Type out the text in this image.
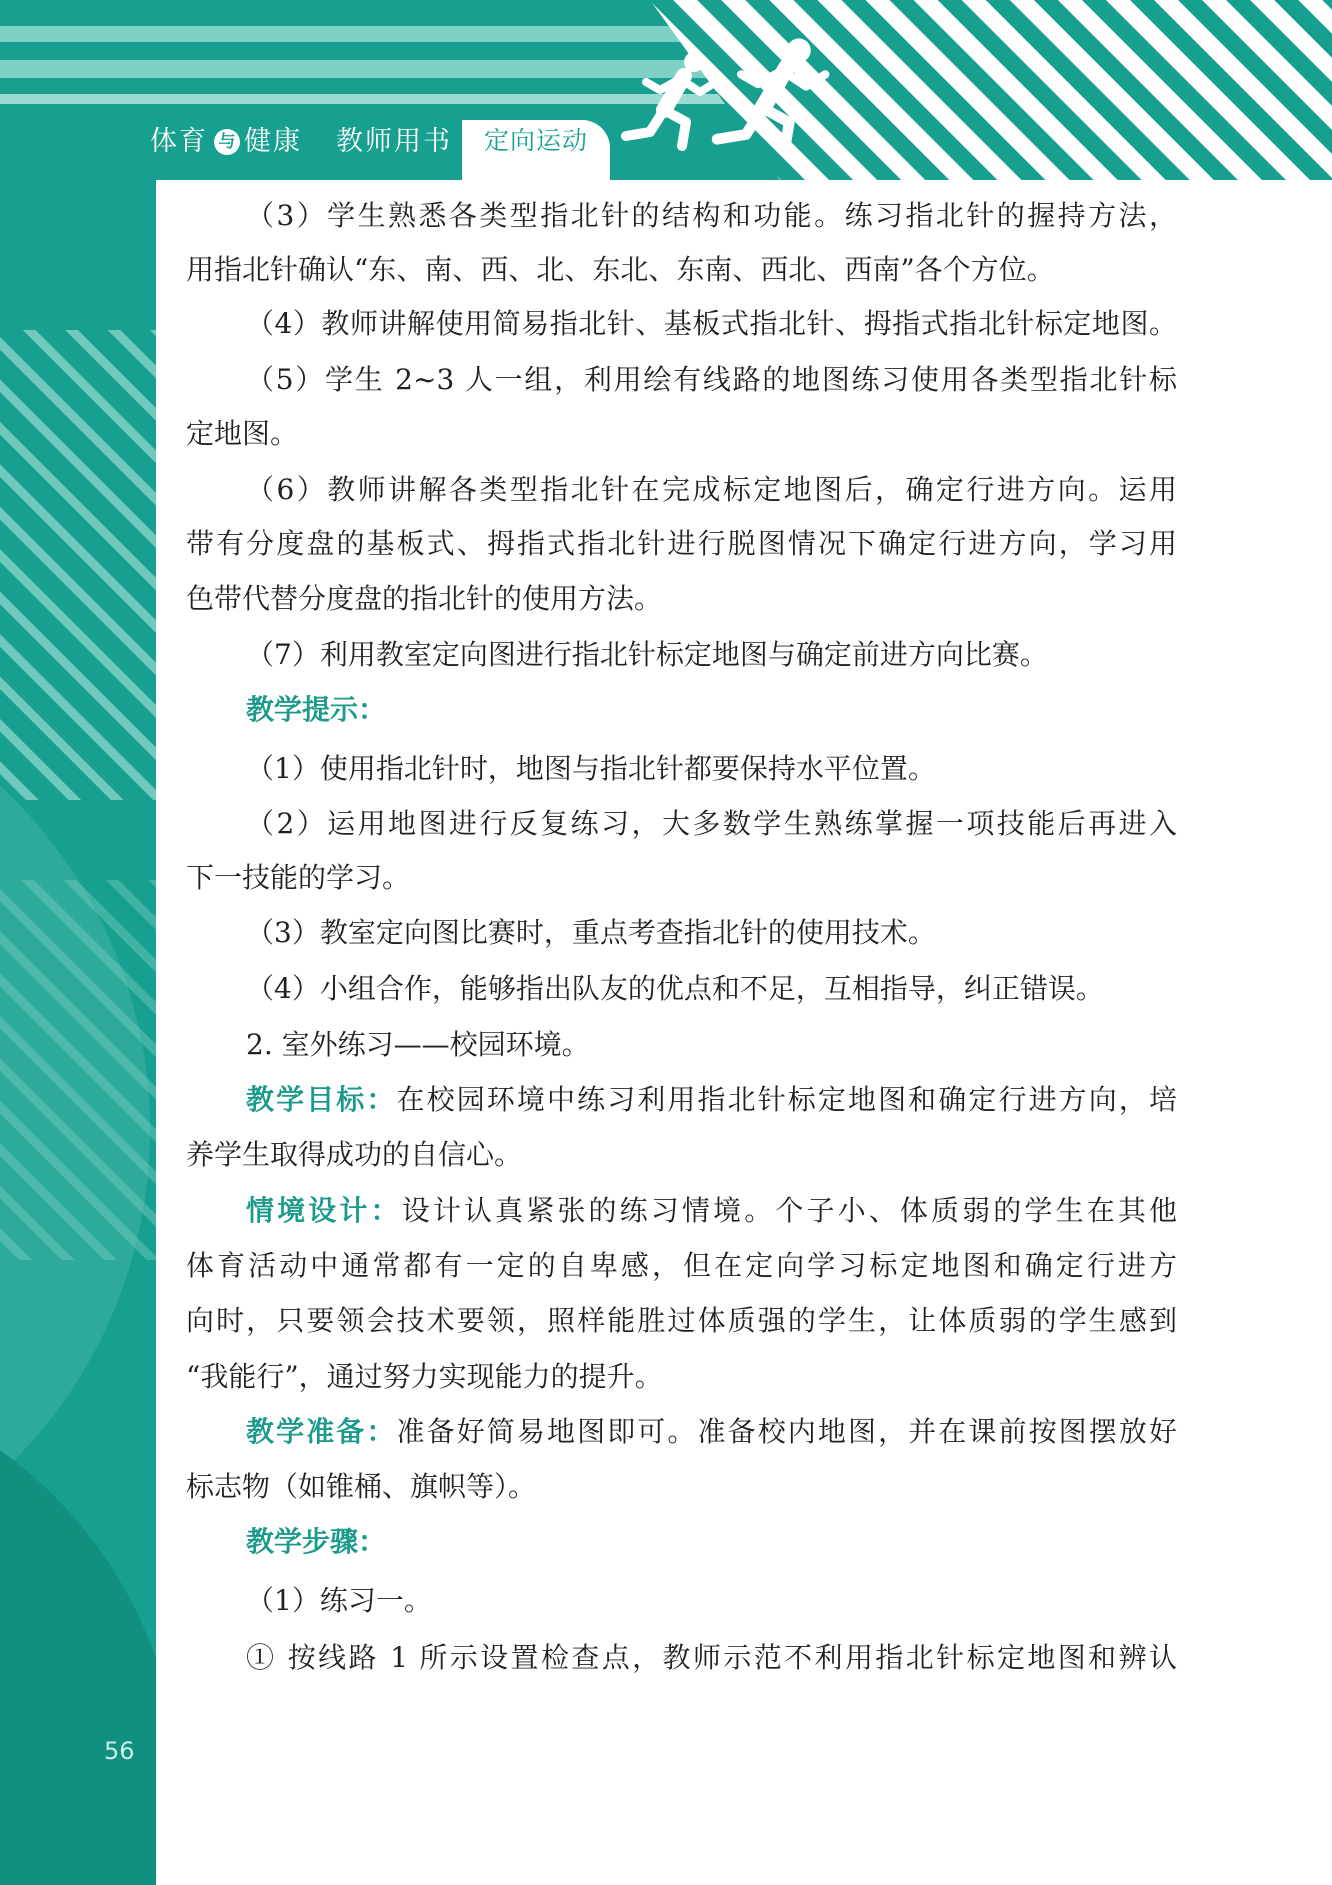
体育 与 健康 教师用书 定向运动
（3）学生熟悉各类型指北针的结构和功能。练习指北针的握持方法，
用指北针确认“东、南、西、北、东北、东南、西北、西南”各个方位。
（4）教师讲解使用简易指北针、基板式指北针、拇指式指北针标定地图。
（5）学生 2~3 人一组，利用绘有线路的地图练习使用各类型指北针标
定地图。
（6）教师讲解各类型指北针在完成标定地图后，确定行进方向。运用
带有分度盘的基板式、拇指式指北针进行脱图情况下确定行进方向，学习用
色带代替分度盘的指北针的使用方法。
（7）利用教室定向图进行指北针标定地图与确定前进方向比赛。
教学提示：
（1）使用指北针时，地图与指北针都要保持水平位置。
（2）运用地图进行反复练习，大多数学生熟练掌握一项技能后再进入
下一技能的学习。
（3）教室定向图比赛时，重点考查指北针的使用技术。
（4）小组合作，能够指出队友的优点和不足，互相指导，纠正错误。
2. 室外练习——校园环境。
教学目标：在校园环境中练习利用指北针标定地图和确定行进方向，培
养学生取得成功的自信心。
情境设计：设计认真紧张的练习情境。个子小、体质弱的学生在其他
体育活动中通常都有一定的自卑感，但在定向学习标定地图和确定行进方
向时，只要领会技术要领，照样能胜过体质强的学生，让体质弱的学生感到
“我能行”，通过努力实现能力的提升。
教学准备：准备好简易地图即可。准备校内地图，并在课前按图摆放好
标志物（如锥桶、旗帜等）。
教学步骤：
（1）练习一。
① 按线路 1 所示设置检查点，教师示范不利用指北针标定地图和辨认
56
